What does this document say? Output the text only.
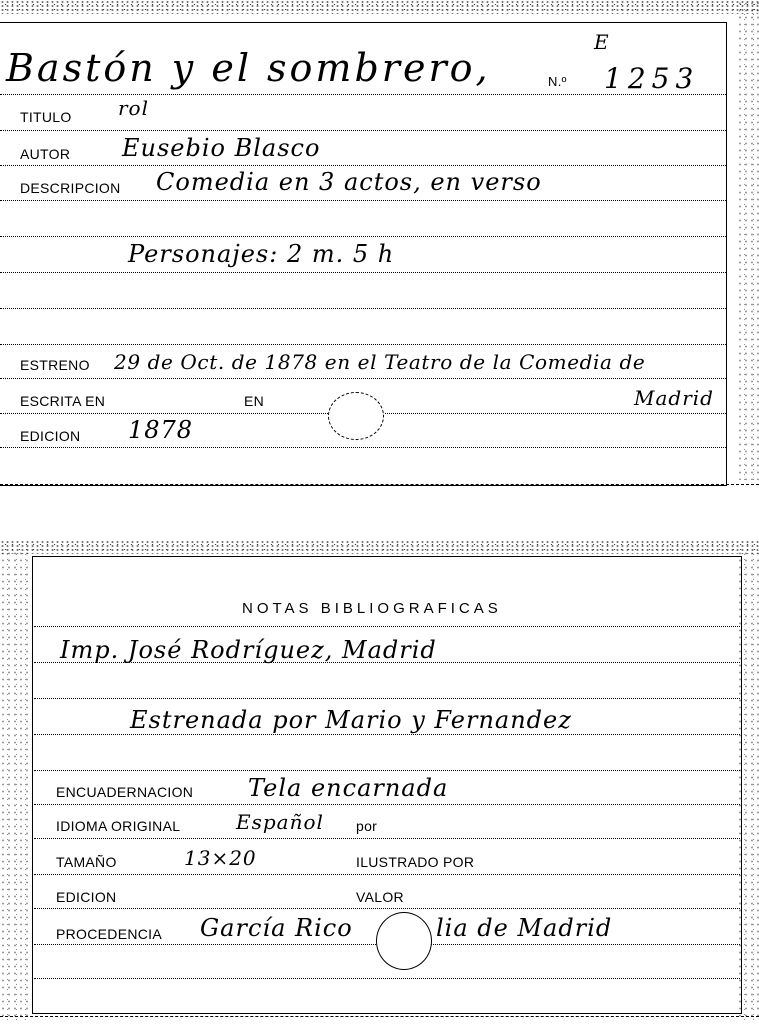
E
Bastón y el sombrero,	N.º 1253
TITULO rol
AUTOR Eusebio Blasco
DESCRIPCION Comedia en 3 actos, en verso
Personajes: 2 m. 5 h
ESTRENO 29 de Oct. de 1878 en el Teatro de la Comedia de
ESCRITA EN	EN	Madrid
EDICION 1878
NOTAS BIBLIOGRAFICAS
Imp. José Rodríguez, Madrid
Estrenada por Mario y Fernandez
ENCUADERNACION Tela encarnada
IDIOMA ORIGINAL	Español por
TAMAÑO	13×20	ILUSTRADO POR
EDICION	VALOR
PROCEDENCIA García Rico	lia de Madrid
